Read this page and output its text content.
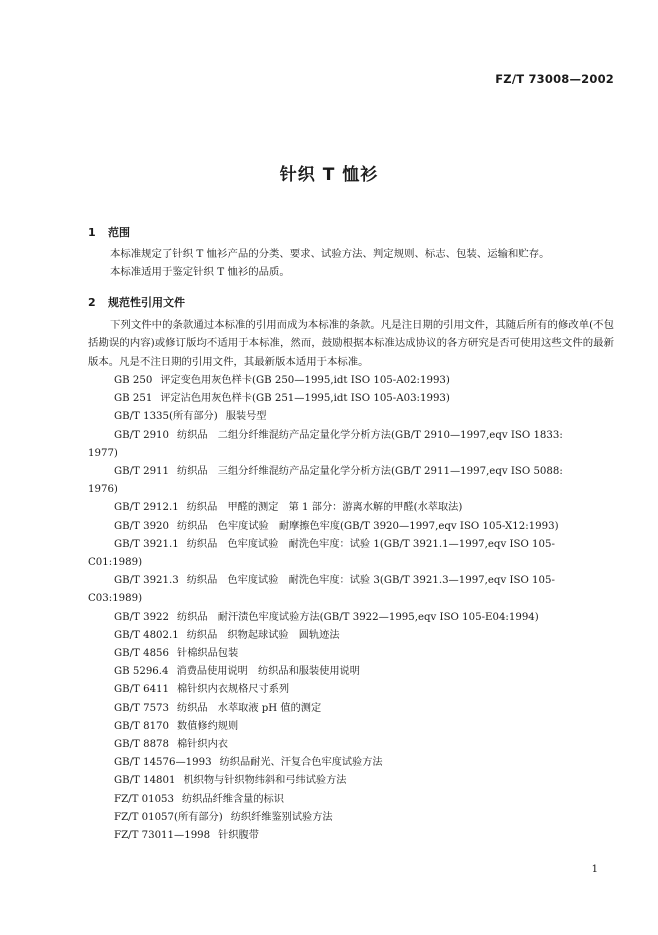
FZ/T 73008—2002
针织 T 恤衫
1 范围
本标准规定了针织 T 恤衫产品的分类、要求、试验方法、判定规则、标志、包装、运输和贮存。
本标准适用于鉴定针织 T 恤衫的品质。
2 规范性引用文件
下列文件中的条款通过本标准的引用而成为本标准的条款。凡是注日期的引用文件，其随后所有的修改单(不包括勘误的内容)或修订版均不适用于本标准，然而，鼓励根据本标准达成协议的各方研究是否可使用这些文件的最新版本。凡是不注日期的引用文件，其最新版本适用于本标准。

GB 250 评定变色用灰色样卡(GB 250—1995,idt ISO 105-A02:1993)

GB 251 评定沾色用灰色样卡(GB 251—1995,idt ISO 105-A03:1993)

GB/T 1335(所有部分) 服装号型

GB/T 2910 纺织品　二组分纤维混纺产品定量化学分析方法(GB/T 2910—1997,eqv ISO 1833:

1977)

GB/T 2911 纺织品　三组分纤维混纺产品定量化学分析方法(GB/T 2911—1997,eqv ISO 5088:

1976)

GB/T 2912.1 纺织品　甲醛的测定　第 1 部分：游离水解的甲醛(水萃取法)

GB/T 3920 纺织品　色牢度试验　耐摩擦色牢度(GB/T 3920—1997,eqv ISO 105-X12:1993)

GB/T 3921.1 纺织品　色牢度试验　耐洗色牢度：试验 1(GB/T 3921.1—1997,eqv ISO 105-

C01:1989)

GB/T 3921.3 纺织品　色牢度试验　耐洗色牢度：试验 3(GB/T 3921.3—1997,eqv ISO 105-

C03:1989)

GB/T 3922 纺织品　耐汗渍色牢度试验方法(GB/T 3922—1995,eqv ISO 105-E04:1994)

GB/T 4802.1 纺织品　织物起球试验　圆轨迹法

GB/T 4856 针棉织品包装

GB 5296.4 消费品使用说明　纺织品和服装使用说明

GB/T 6411 棉针织内衣规格尺寸系列

GB/T 7573 纺织品　水萃取液 pH 值的测定

GB/T 8170 数值修约规则

GB/T 8878 棉针织内衣

GB/T 14576—1993 纺织品耐光、汗复合色牢度试验方法

GB/T 14801 机织物与针织物纬斜和弓纬试验方法

FZ/T 01053 纺织品纤维含量的标识

FZ/T 01057(所有部分) 纺织纤维鉴别试验方法

FZ/T 73011—1998 针织腹带

1
